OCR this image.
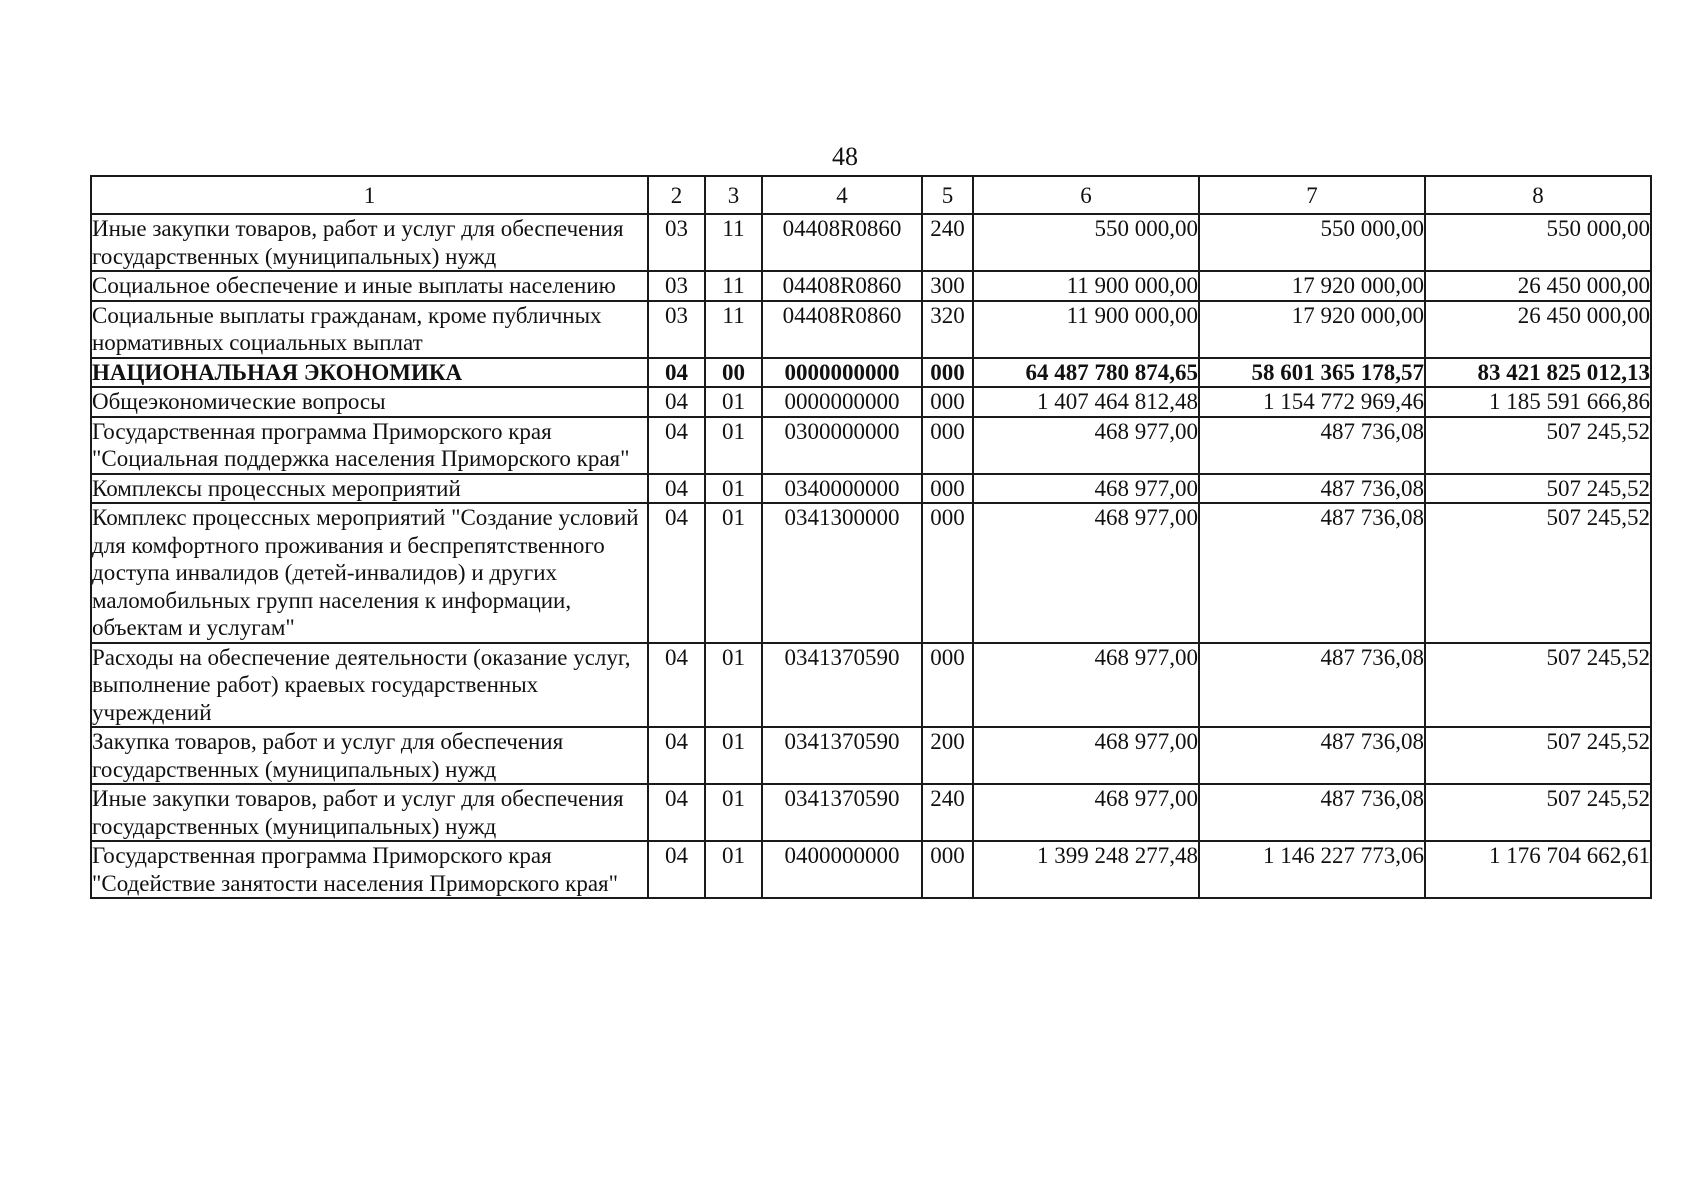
48
1	2	3	4	5	6	7	8
Иные закупки товаров, работ и услуг для обеспечения государственных (муниципальных) нужд	03	11	04408R0860	240	550 000,00	550 000,00	550 000,00
Социальное обеспечение и иные выплаты населению	03	11	04408R0860	300	11 900 000,00	17 920 000,00	26 450 000,00
Социальные выплаты гражданам, кроме публичных нормативных социальных выплат	03	11	04408R0860	320	11 900 000,00	17 920 000,00	26 450 000,00
НАЦИОНАЛЬНАЯ ЭКОНОМИКА	04	00	0000000000	000	64 487 780 874,65	58 601 365 178,57	83 421 825 012,13
Общеэкономические вопросы	04	01	0000000000	000	1 407 464 812,48	1 154 772 969,46	1 185 591 666,86
Государственная программа Приморского края "Социальная поддержка населения Приморского края"	04	01	0300000000	000	468 977,00	487 736,08	507 245,52
Комплексы процессных мероприятий	04	01	0340000000	000	468 977,00	487 736,08	507 245,52
Комплекс процессных мероприятий "Создание условий для комфортного проживания и беспрепятственного доступа инвалидов (детей-инвалидов) и других маломобильных групп населения к информации, объектам и услугам"	04	01	0341300000	000	468 977,00	487 736,08	507 245,52
Расходы на обеспечение деятельности (оказание услуг, выполнение работ) краевых государственных учреждений	04	01	0341370590	000	468 977,00	487 736,08	507 245,52
Закупка товаров, работ и услуг для обеспечения государственных (муниципальных) нужд	04	01	0341370590	200	468 977,00	487 736,08	507 245,52
Иные закупки товаров, работ и услуг для обеспечения государственных (муниципальных) нужд	04	01	0341370590	240	468 977,00	487 736,08	507 245,52
Государственная программа Приморского края "Содействие занятости населения Приморского края"	04	01	0400000000	000	1 399 248 277,48	1 146 227 773,06	1 176 704 662,61
